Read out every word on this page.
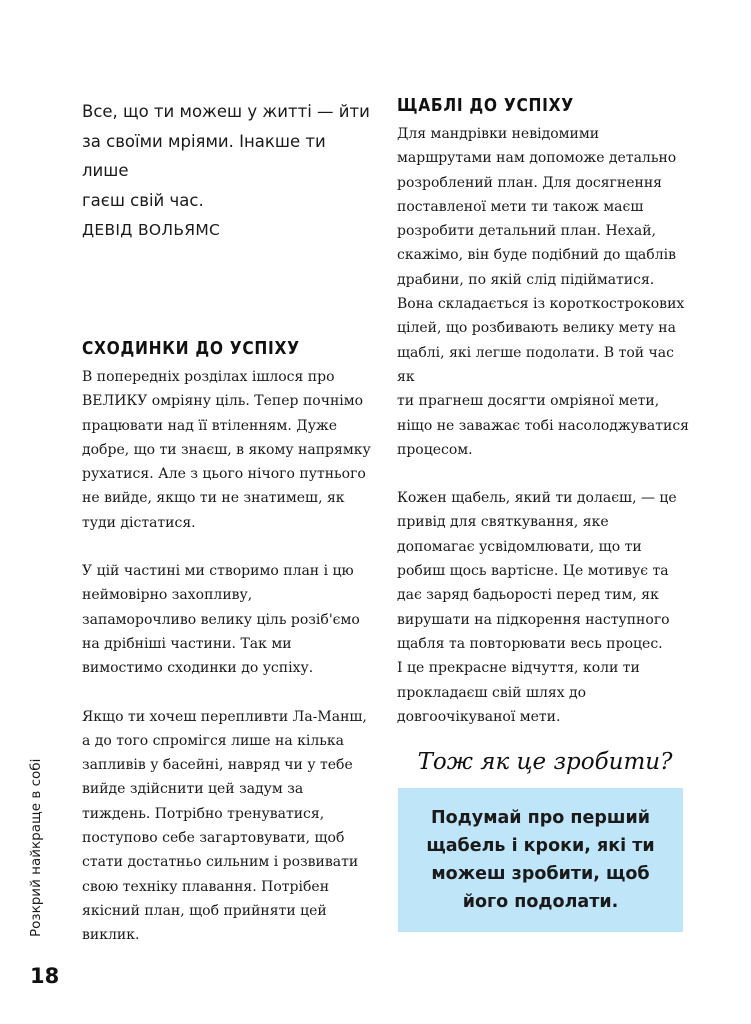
Все, що ти можеш у житті — йти
за своїми мріями. Інакше ти лише
гаєш свій час.

ДЕВІД ВОЛЬЯМС

СХОДИНКИ ДО УСПІХУ

В попередніх розділах ішлося про
ВЕЛИКУ омріяну ціль. Тепер почнімо
працювати над її втіленням. Дуже
добре, що ти знаєш, в якому напрямку
рухатися. Але з цього нічого путнього
не вийде, якщо ти не знатимеш, як
туди дістатися.

У цій частині ми створимо план і цю
неймовірно захопливу,
запаморочливо велику ціль розіб'ємо
на дрібніші частини. Так ми
вимостимо сходинки до успіху.

Якщо ти хочеш перепливти Ла-Манш,
а до того спромігся лише на кілька
запливів у басейні, навряд чи у тебе
вийде здійснити цей задум за
тиждень. Потрібно тренуватися,
поступово себе загартовувати, щоб
стати достатньо сильним і розвивати
свою техніку плавання. Потрібен
якісний план, щоб прийняти цей
виклик.

ЩАБЛІ ДО УСПІХУ

Для мандрівки невідомими
маршрутами нам допоможе детально
розроблений план. Для досягнення
поставленої мети ти також маєш
розробити детальний план. Нехай,
скажімо, він буде подібний до щаблів
драбини, по якій слід підійматися.
Вона складається із короткострокових
цілей, що розбивають велику мету на
щаблі, які легше подолати. В той час як
ти прагнеш досягти омріяної мети,
ніщо не заважає тобі насолоджуватися
процесом.

Кожен щабель, який ти долаєш, — це
привід для святкування, яке
допомагає усвідомлювати, що ти
робиш щось вартісне. Це мотивує та
дає заряд бадьорості перед тим, як
вирушати на підкорення наступного
щабля та повторювати весь процес.
І це прекрасне відчуття, коли ти
прокладаєш свій шлях до
довгоочікуваної мети.

Тож як це зробити?

Подумай про перший
щабель і кроки, які ти
можеш зробити, щоб
його подолати.

Розкрий найкраще в собі
18
